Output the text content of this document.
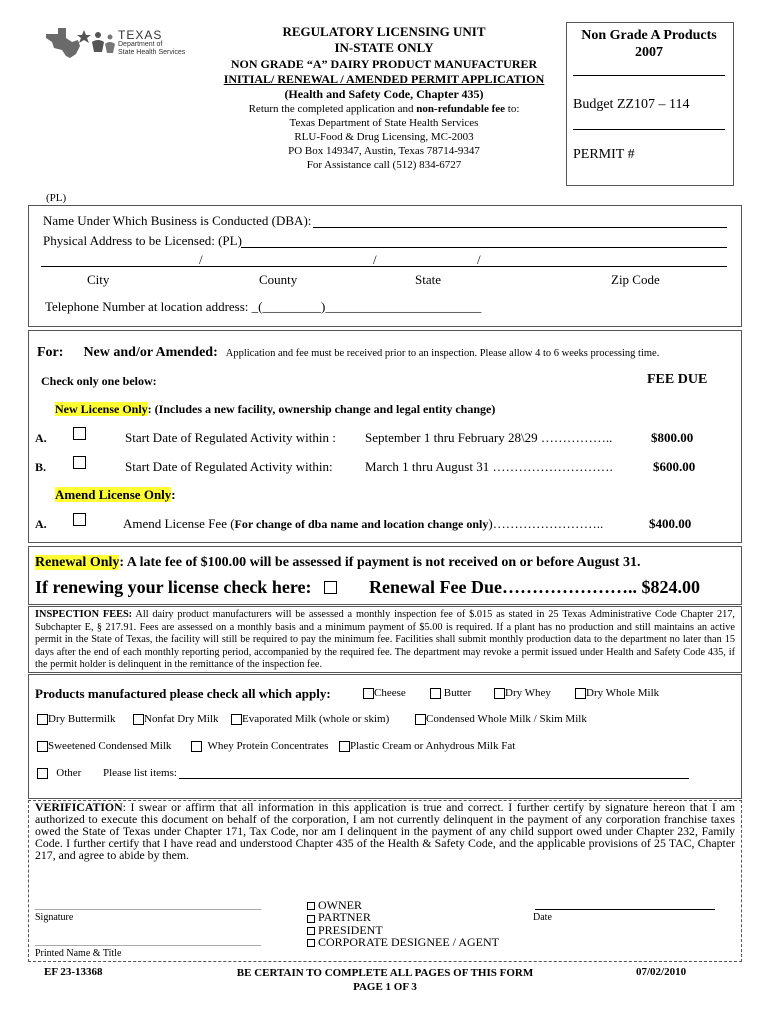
TEXAS
Department of
State Health Services
REGULATORY LICENSING UNIT
IN-STATE ONLY
NON GRADE “A” DAIRY PRODUCT MANUFACTURER
INITIAL/ RENEWAL / AMENDED PERMIT APPLICATION
(Health and Safety Code, Chapter 435)
Return the completed application and non-refundable fee to:
Texas Department of State Health Services
RLU-Food & Drug Licensing, MC-2003
PO Box 149347, Austin, Texas 78714-9347
For Assistance call (512) 834-6727
Non Grade A Products
2007
Budget ZZ107 – 114
PERMIT #
(PL)
Name Under Which Business is Conducted (DBA):
Physical Address to be Licensed: (PL)
/	/	/
City	County	State	Zip Code
Telephone Number at location address: _(_________)________________________
For: New and/or Amended: Application and fee must be received prior to an inspection. Please allow 4 to 6 weeks processing time.
Check only one below:	FEE DUE
New License Only: (Includes a new facility, ownership change and legal entity change)
A.	Start Date of Regulated Activity within : September 1 thru February 28\29 ……………..	$800.00
B.	Start Date of Regulated Activity within: March 1 thru August 31 ……………………….	$600.00
Amend License Only:
A.	Amend License Fee (For change of dba name and location change only)……………………..	$400.00
Renewal Only: A late fee of $100.00 will be assessed if payment is not received on or before August 31.
If renewing your license check here:	Renewal Fee Due………………….. $824.00
INSPECTION FEES: All dairy product manufacturers will be assessed a monthly inspection fee of $.015 as stated in 25 Texas Administrative Code Chapter 217, Subchapter E, § 217.91. Fees are assessed on a monthly basis and a minimum payment of $5.00 is required. If a plant has no production and still maintains an active permit in the State of Texas, the facility will still be required to pay the minimum fee. Facilities shall submit monthly production data to the department no later than 15 days after the end of each monthly reporting period, accompanied by the required fee. The department may revoke a permit issued under Health and Safety Code 435, if the permit holder is delinquent in the remittance of the inspection fee.
Products manufactured please check all which apply:	Cheese	Butter	Dry Whey	Dry Whole Milk
Dry Buttermilk	Nonfat Dry Milk	Evaporated Milk (whole or skim)	Condensed Whole Milk / Skim Milk
Sweetened Condensed Milk	Whey Protein Concentrates	Plastic Cream or Anhydrous Milk Fat
Other Please list items:
VERIFICATION: I swear or affirm that all information in this application is true and correct. I further certify by signature hereon that I am authorized to execute this document on behalf of the corporation, I am not currently delinquent in the payment of any corporation franchise taxes owed the State of Texas under Chapter 171, Tax Code, nor am I delinquent in the payment of any child support owed under Chapter 232, Family Code. I further certify that I have read and understood Chapter 435 of the Health & Safety Code, and the applicable provisions of 25 TAC, Chapter 217, and agree to abide by them.
Signature
OWNER
PARTNER
PRESIDENT
CORPORATE DESIGNEE / AGENT
Date
Printed Name & Title
EF 23-13368	BE CERTAIN TO COMPLETE ALL PAGES OF THIS FORM
PAGE 1 OF 3
07/02/2010
